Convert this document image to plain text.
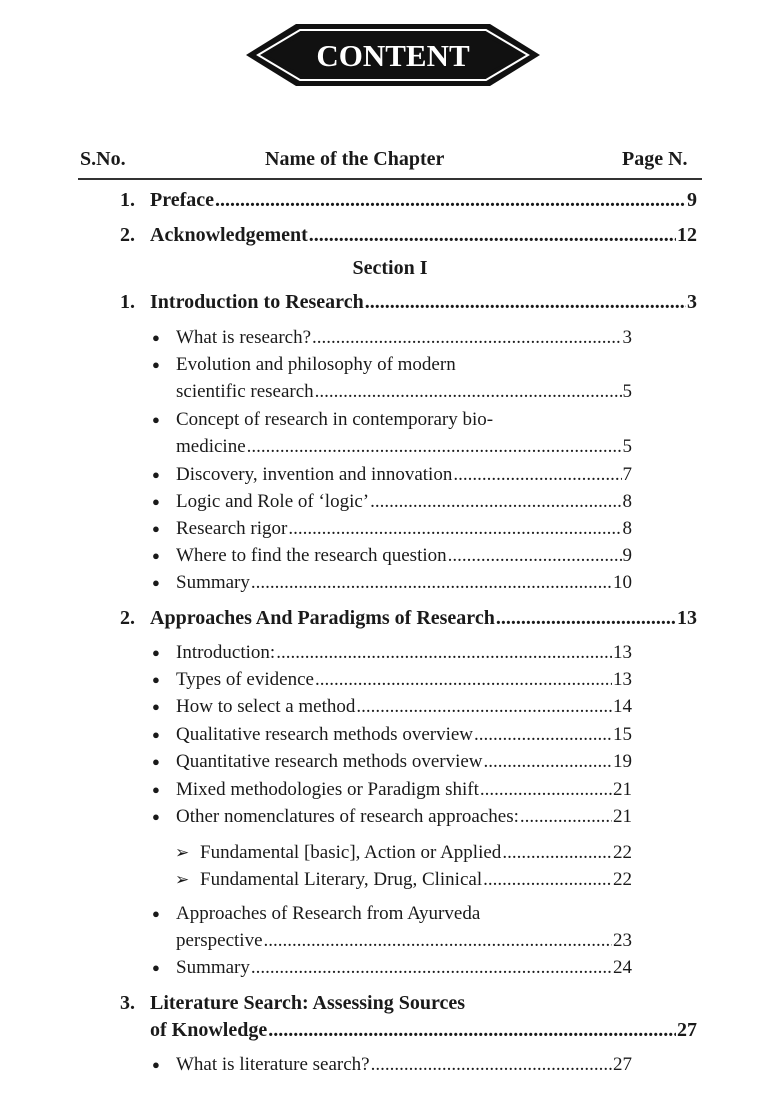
CONTENT
S.No.	Name of the Chapter	Page N.
1. Preface .....	9
2. Acknowledgement .....	12
Section I
1. Introduction to Research .....	3
● What is research? .....	3
● Evolution and philosophy of modern
scientific research .....	5
● Concept of research in contemporary bio-
medicine .....	5
● Discovery, invention and innovation .....	7
● Logic and Role of ‘logic’ .....	8
● Research rigor .....	8
● Where to find the research question .....	9
● Summary .....	10
2. Approaches And Paradigms of Research .....	13
● Introduction: .....	13
● Types of evidence .....	13
● How to select a method .....	14
● Qualitative research methods overview .....	15
● Quantitative research methods overview .....	19
● Mixed methodologies or Paradigm shift .....	21
● Other nomenclatures of research approaches: .....	21
➢ Fundamental [basic], Action or Applied .....	22
➢ Fundamental Literary, Drug, Clinical .....	22
● Approaches of Research from Ayurveda
perspective .....	23
● Summary .....	24
3. Literature Search: Assessing Sources
of Knowledge .....	27
● What is literature search? .....	27
